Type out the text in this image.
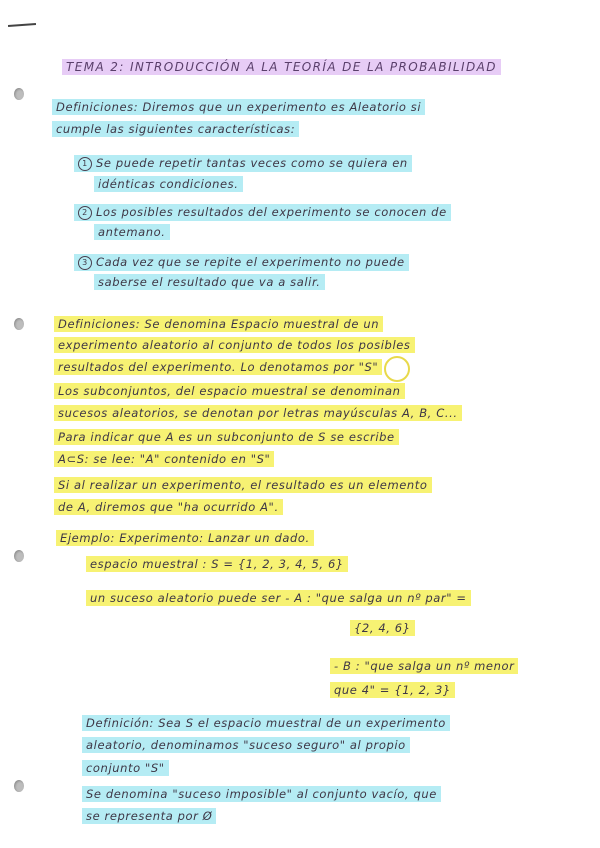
TEMA 2: INTRODUCCIÓN A LA TEORÍA DE LA PROBABILIDAD
Definiciones: Diremos que un experimento es Aleatorio si
cumple las siguientes características:
1 Se puede repetir tantas veces como se quiera en
idénticas condiciones.
2 Los posibles resultados del experimento se conocen de
antemano.
3 Cada vez que se repite el experimento no puede
saberse el resultado que va a salir.
Definiciones: Se denomina Espacio muestral de un
experimento aleatorio al conjunto de todos los posibles
resultados del experimento. Lo denotamos por "S"
Los subconjuntos, del espacio muestral se denominan
sucesos aleatorios, se denotan por letras mayúsculas A, B, C...
Para indicar que A es un subconjunto de S se escribe
A⊂S: se lee: "A" contenido en "S"
Si al realizar un experimento, el resultado es un elemento
de A, diremos que "ha ocurrido A".
Ejemplo: Experimento: Lanzar un dado.
espacio muestral : S = {1, 2, 3, 4, 5, 6}
un suceso aleatorio puede ser - A : "que salga un nº par" =
{2, 4, 6}
- B : "que salga un nº menor
que 4" = {1, 2, 3}
Definición: Sea S el espacio muestral de un experimento
aleatorio, denominamos "suceso seguro" al propio
conjunto "S"
Se denomina "suceso imposible" al conjunto vacío, que
se representa por Ø
